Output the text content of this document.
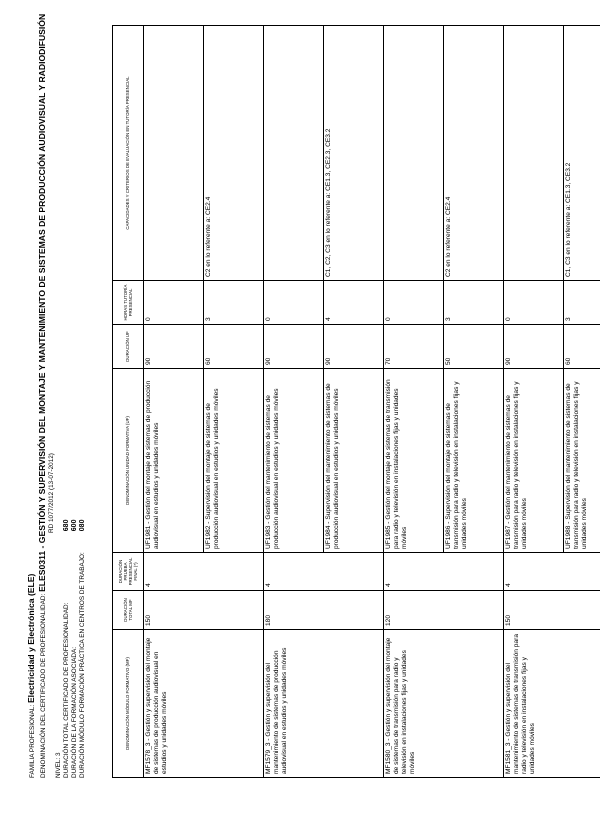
FAMILIA PROFESIONAL: Electricidad y Electrónica (ELE) DENOMINACIÓN DEL CERTIFICADO DE PROFESIONALIDAD: ELES0311 - GESTIÓN Y SUPERVISIÓN DEL MONTAJE Y MANTENIMIENTO DE SISTEMAS DE PRODUCCIÓN AUDIOVISUAL Y RADIODIFUSIÓN RD 1077/2012 (13-07-2012)
NIVEL: 3 DURACIÓN TOTAL CERTIFICADO DE PROFESIONALIDAD: 680
DURACIÓN DE LA FORMACIÓN ASOCIADA: 600
DURACIÓN MÓDULO FORMACIÓN PRÁCTICA EN CENTROS DE TRABAJO: 080
DENOMINACIÓN MÓDULO FORMATIVO (MF)	DURACIÓN TOTAL MF	DURACIÓN PRUEBA PRESENCIAL FINAL (*)	DENOMINACIÓN UNIDAD FORMATIVA (UF)	DURACIÓN UF	HORAS TUTORÍA PRESENCIAL	CAPACIDADES Y CRITERIOS DE EVALUACIÓN EN TUTORÍA PRESENCIAL
MF1578_3 - Gestión y supervisión del montaje de sistemas de producción audiovisual en estudios y unidades móviles	150	4	UF1981 - Gestión del montaje de sistemas de producción audiovisual en estudios y unidades móviles	90	0	
			UF1982 - Supervisión del montaje de sistemas de producción audiovisual en estudios y unidades móviles	60	3	C2 en lo referente a: CE2.4
MF1579_3 - Gestión y supervisión del mantenimiento de sistemas de producción audiovisual en estudios y unidades móviles	180	4	UF1983 - Gestión del mantenimiento de sistemas de producción audiovisual en estudios y unidades móviles	90	0	
			UF1984 - Supervisión del mantenimiento de sistemas de producción audiovisual en estudios y unidades móviles	90	4	C1, C2, C3 en lo referente a: CE1.3, CE2.3, CE3.2
MF1580_3 - Gestión y supervisión del montaje de sistemas de transmisión para radio y televisión en instalaciones fijas y unidades móviles	120	4	UF1985 - Gestión del montaje de sistemas de transmisión para radio y televisión en instalaciones fijas y unidades móviles	70	0	
			UF1986 - Supervisión del montaje de sistemas de transmisión para radio y televisión en instalaciones fijas y unidades móviles	50	3	C2 en lo referente a: CE2.4
MF1581_3 - Gestión y supervisión del mantenimiento de sistemas de transmisión para radio y televisión en instalaciones fijas y unidades móviles	150	4	UF1987 - Gestión del mantenimiento de sistemas de transmisión para radio y televisión en instalaciones fijas y unidades móviles	90	0	
			UF1988 - Supervisión del mantenimiento de sistemas de transmisión para radio y televisión en instalaciones fijas y unidades móviles	60	3	C1, C3 en lo referente a: CE1.3, CE3.2
